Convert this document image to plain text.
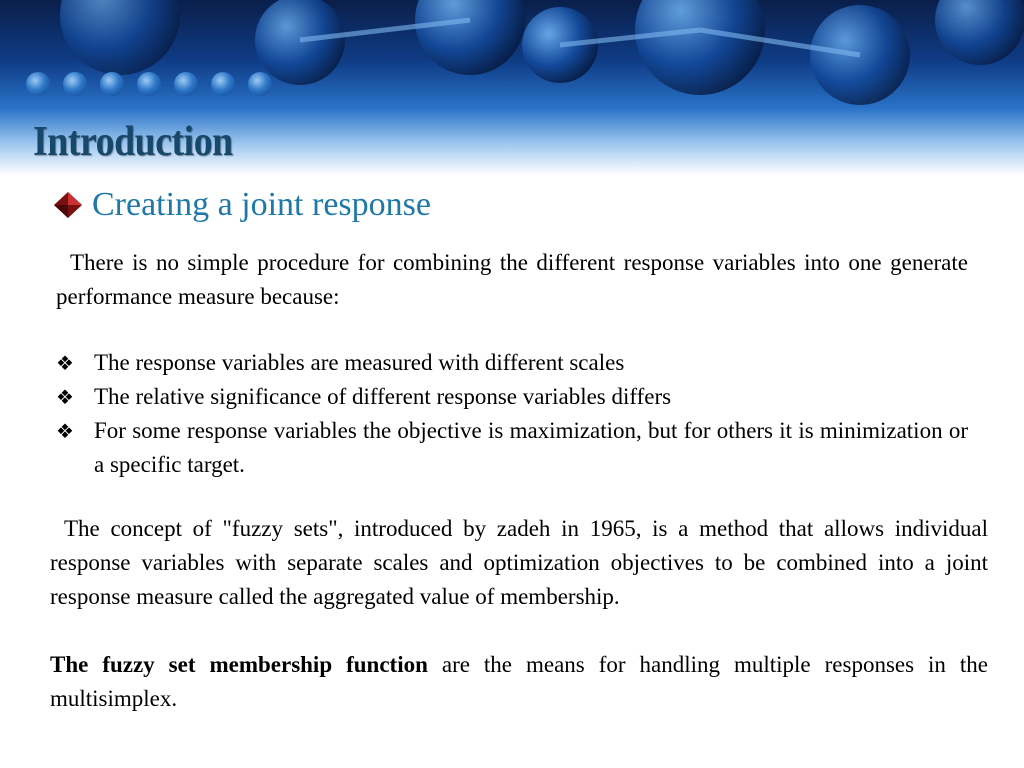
Introduction
Creating a joint response

There is no simple procedure for combining the different response variables into one generate performance measure because:

❖ The response variables are measured with different scales
❖ The relative significance of different response variables differs
❖ For some response variables the objective is maximization, but for others it is minimization or a specific target.

The concept of "fuzzy sets", introduced by zadeh in 1965, is a method that allows individual response variables with separate scales and optimization objectives to be combined into a joint response measure called the aggregated value of membership.

The fuzzy set membership function are the means for handling multiple responses in the multisimplex.
